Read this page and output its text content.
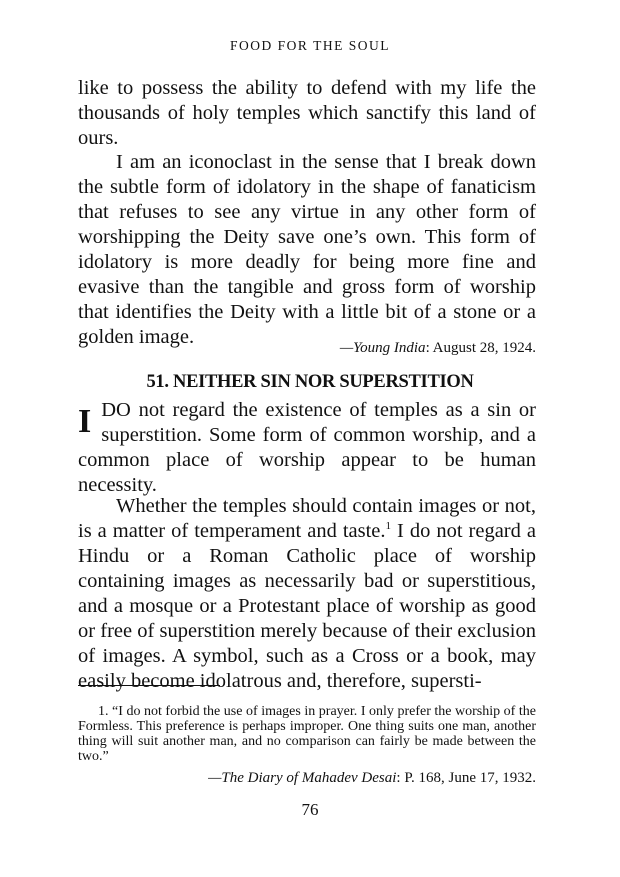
FOOD FOR THE SOUL

like to possess the ability to defend with my life the thousands of holy temples which sanctify this land of ours.

I am an iconoclast in the sense that I break down the subtle form of idolatory in the shape of fanaticism that refuses to see any virtue in any other form of worshipping the Deity save one’s own. This form of idolatory is more deadly for being more fine and evasive than the tangible and gross form of worship that identifies the Deity with a little bit of a stone or a golden image.	—Young India: August 28, 1924.
51. NEITHER SIN NOR SUPERSTITION
I DO not regard the existence of temples as a sin or superstition. Some form of common worship, and a common place of worship appear to be human necessity.

Whether the temples should contain images or not, is a matter of temperament and taste.$^1$ I do not regard a Hindu or a Roman Catholic place of worship containing images as necessarily bad or superstitious, and a mosque or a Protestant place of worship as good or free of superstition merely because of their exclusion of images. A symbol, such as a Cross or a book, may easily become idolatrous and, therefore, supersti-

1. “I do not forbid the use of images in prayer. I only prefer the worship of the Formless. This preference is perhaps improper. One thing suits one man, another thing will suit another man, and no comparison can fairly be made between the two.”

—The Diary of Mahadev Desai: P. 168, June 17, 1932.
76
